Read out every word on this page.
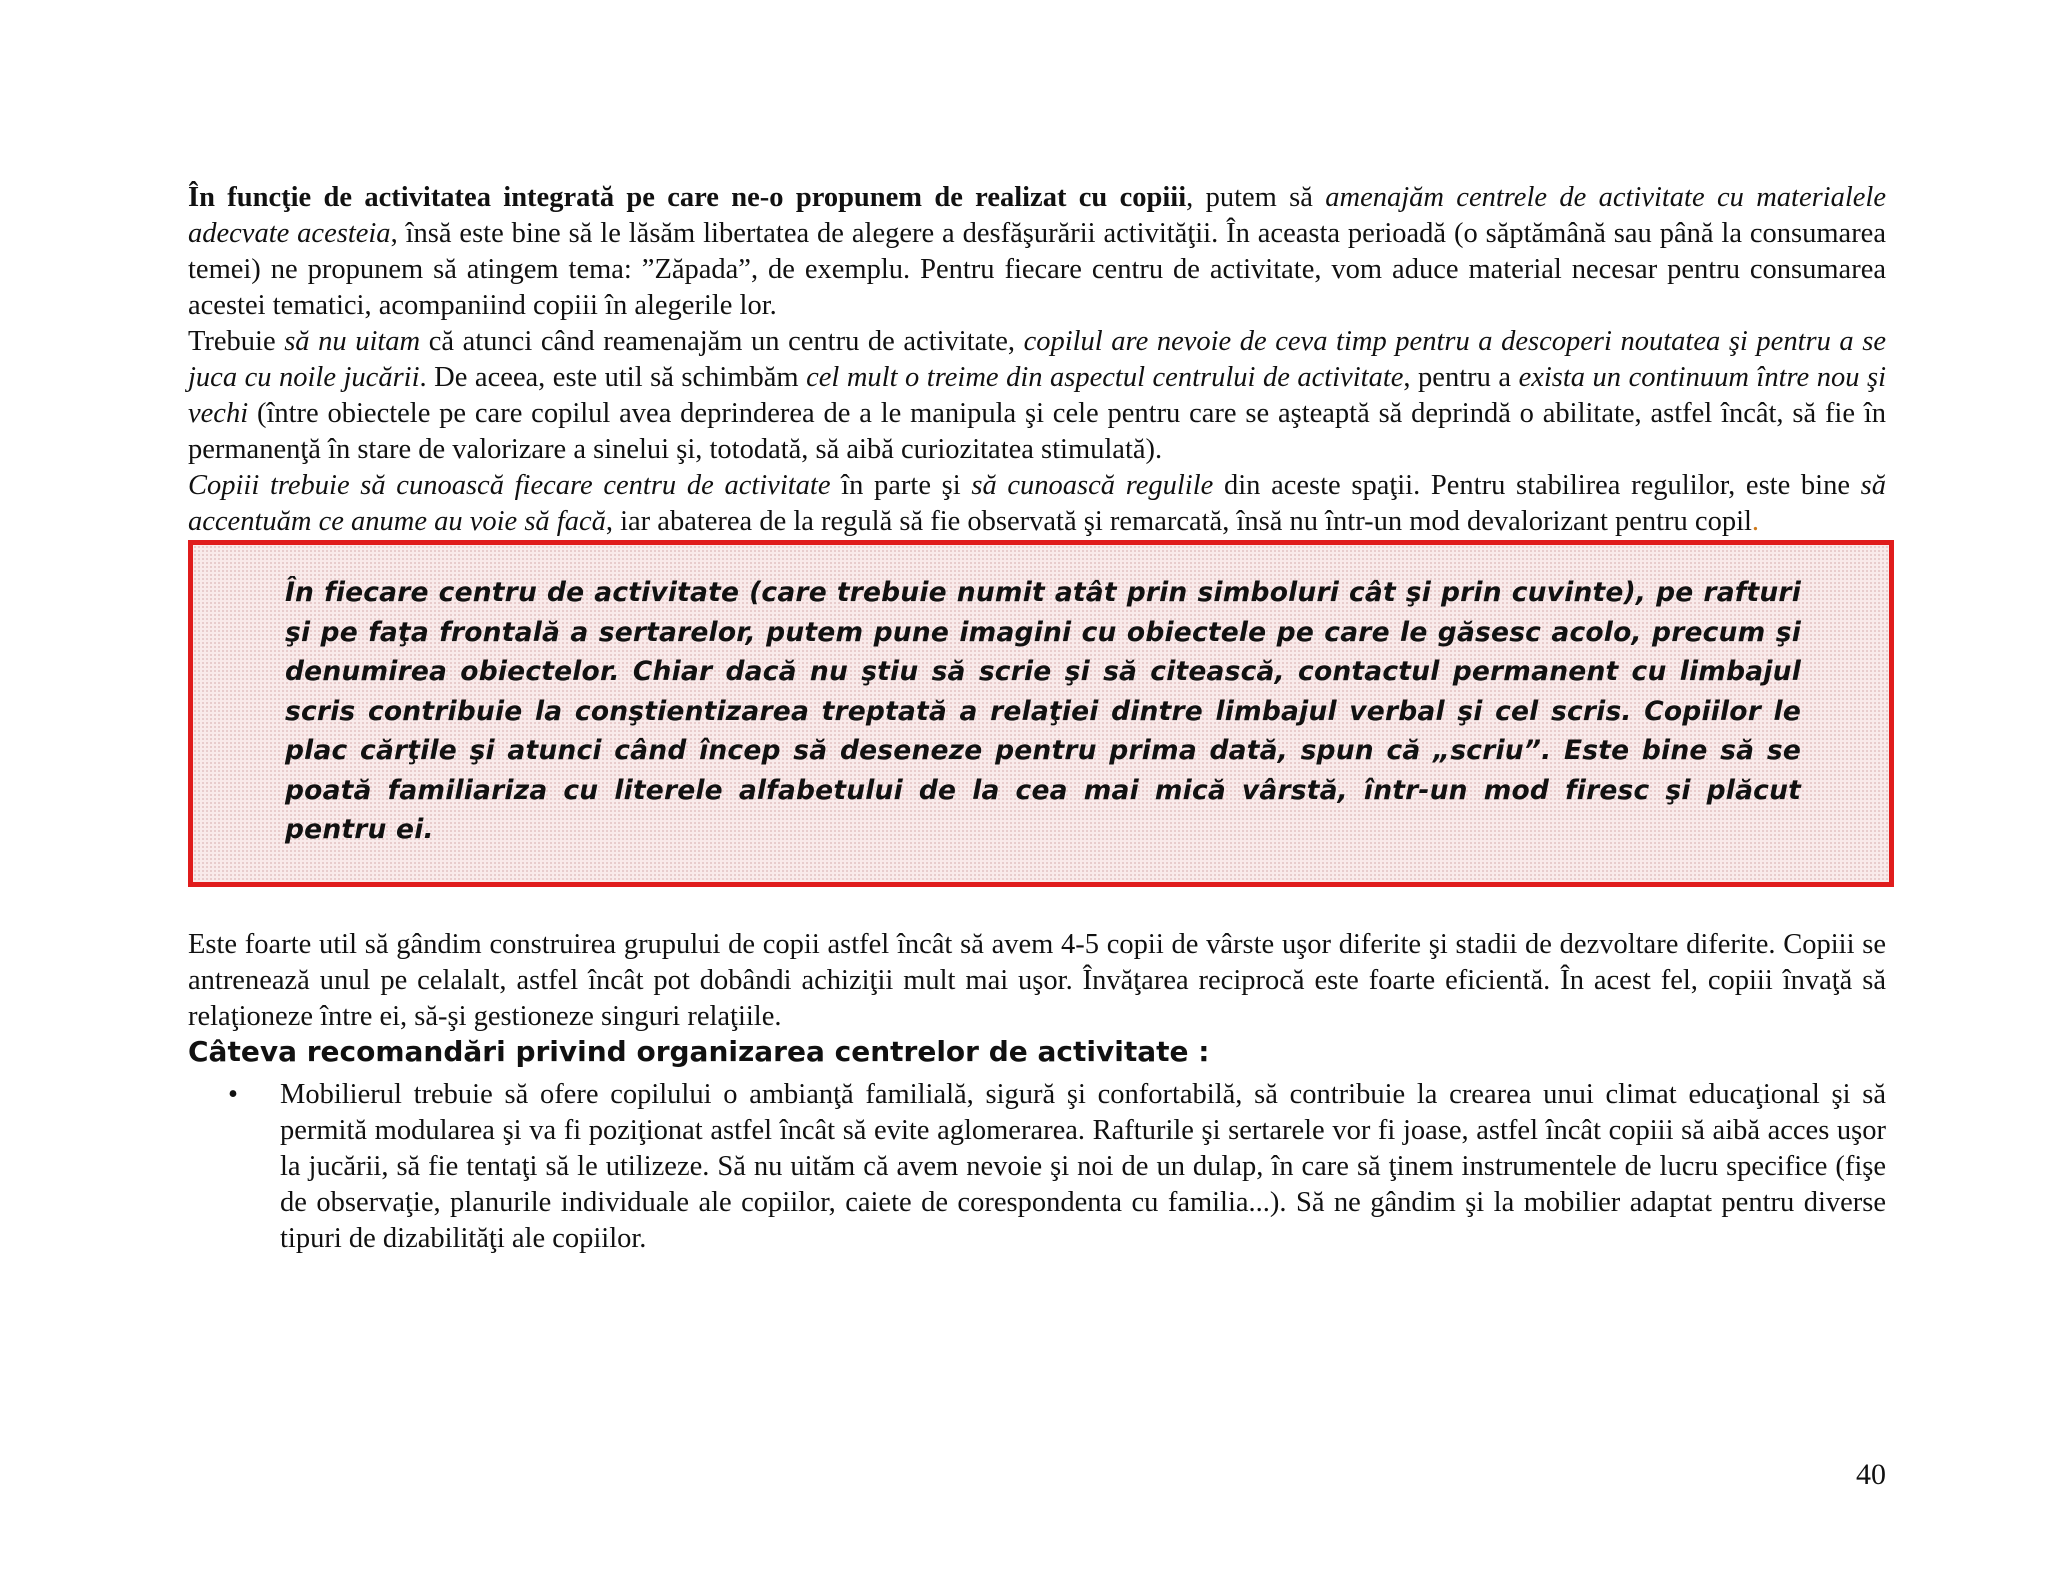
În funcţie de activitatea integrată pe care ne-o propunem de realizat cu copiii, putem să amenajăm centrele de activitate cu materialele adecvate acesteia, însă este bine să le lăsăm libertatea de alegere a desfăşurării activităţii. În aceasta perioadă (o săptămână sau până la consumarea temei) ne propunem să atingem tema: ”Zăpada”, de exemplu. Pentru fiecare centru de activitate, vom aduce material necesar pentru consumarea acestei tematici, acompaniind copiii în alegerile lor.

Trebuie să nu uitam că atunci când reamenajăm un centru de activitate, copilul are nevoie de ceva timp pentru a descoperi noutatea şi pentru a se juca cu noile jucării. De aceea, este util să schimbăm cel mult o treime din aspectul centrului de activitate, pentru a exista un continuum între nou şi vechi (între obiectele pe care copilul avea deprinderea de a le manipula şi cele pentru care se aşteaptă să deprindă o abilitate, astfel încât, să fie în permanenţă în stare de valorizare a sinelui şi, totodată, să aibă curiozitatea stimulată).

Copiii trebuie să cunoască fiecare centru de activitate în parte şi să cunoască regulile din aceste spaţii. Pentru stabilirea regulilor, este bine să accentuăm ce anume au voie să facă, iar abaterea de la regulă să fie observată şi remarcată, însă nu într-un mod devalorizant pentru copil.

În fiecare centru de activitate (care trebuie numit atât prin simboluri cât şi prin cuvinte), pe rafturi şi pe faţa frontală a sertarelor, putem pune imagini cu obiectele pe care le găsesc acolo, precum şi denumirea obiectelor. Chiar dacă nu ştiu să scrie şi să citească, contactul permanent cu limbajul scris contribuie la conştientizarea treptată a relaţiei dintre limbajul verbal şi cel scris. Copiilor le plac cărţile şi atunci când încep să deseneze pentru prima dată, spun că „scriu”. Este bine să se poată familiariza cu literele alfabetului de la cea mai mică vârstă, într-un mod firesc şi plăcut pentru ei.

Este foarte util să gândim construirea grupului de copii astfel încât să avem 4-5 copii de vârste uşor diferite şi stadii de dezvoltare diferite. Copiii se antrenează unul pe celalalt, astfel încât pot dobândi achiziţii mult mai uşor. Învăţarea reciprocă este foarte eficientă. În acest fel, copiii învaţă să relaţioneze între ei, să-şi gestioneze singuri relaţiile.

Câteva recomandări privind organizarea centrelor de activitate :
• Mobilierul trebuie să ofere copilului o ambianţă familială, sigură şi confortabilă, să contribuie la crearea unui climat educaţional şi să permită modularea şi va fi poziţionat astfel încât să evite aglomerarea. Rafturile şi sertarele vor fi joase, astfel încât copiii să aibă acces uşor la jucării, să fie tentaţi să le utilizeze. Să nu uităm că avem nevoie şi noi de un dulap, în care să ţinem instrumentele de lucru specifice (fişe de observaţie, planurile individuale ale copiilor, caiete de corespondenta cu familia...). Să ne gândim şi la mobilier adaptat pentru diverse tipuri de dizabilităţi ale copiilor.
40
